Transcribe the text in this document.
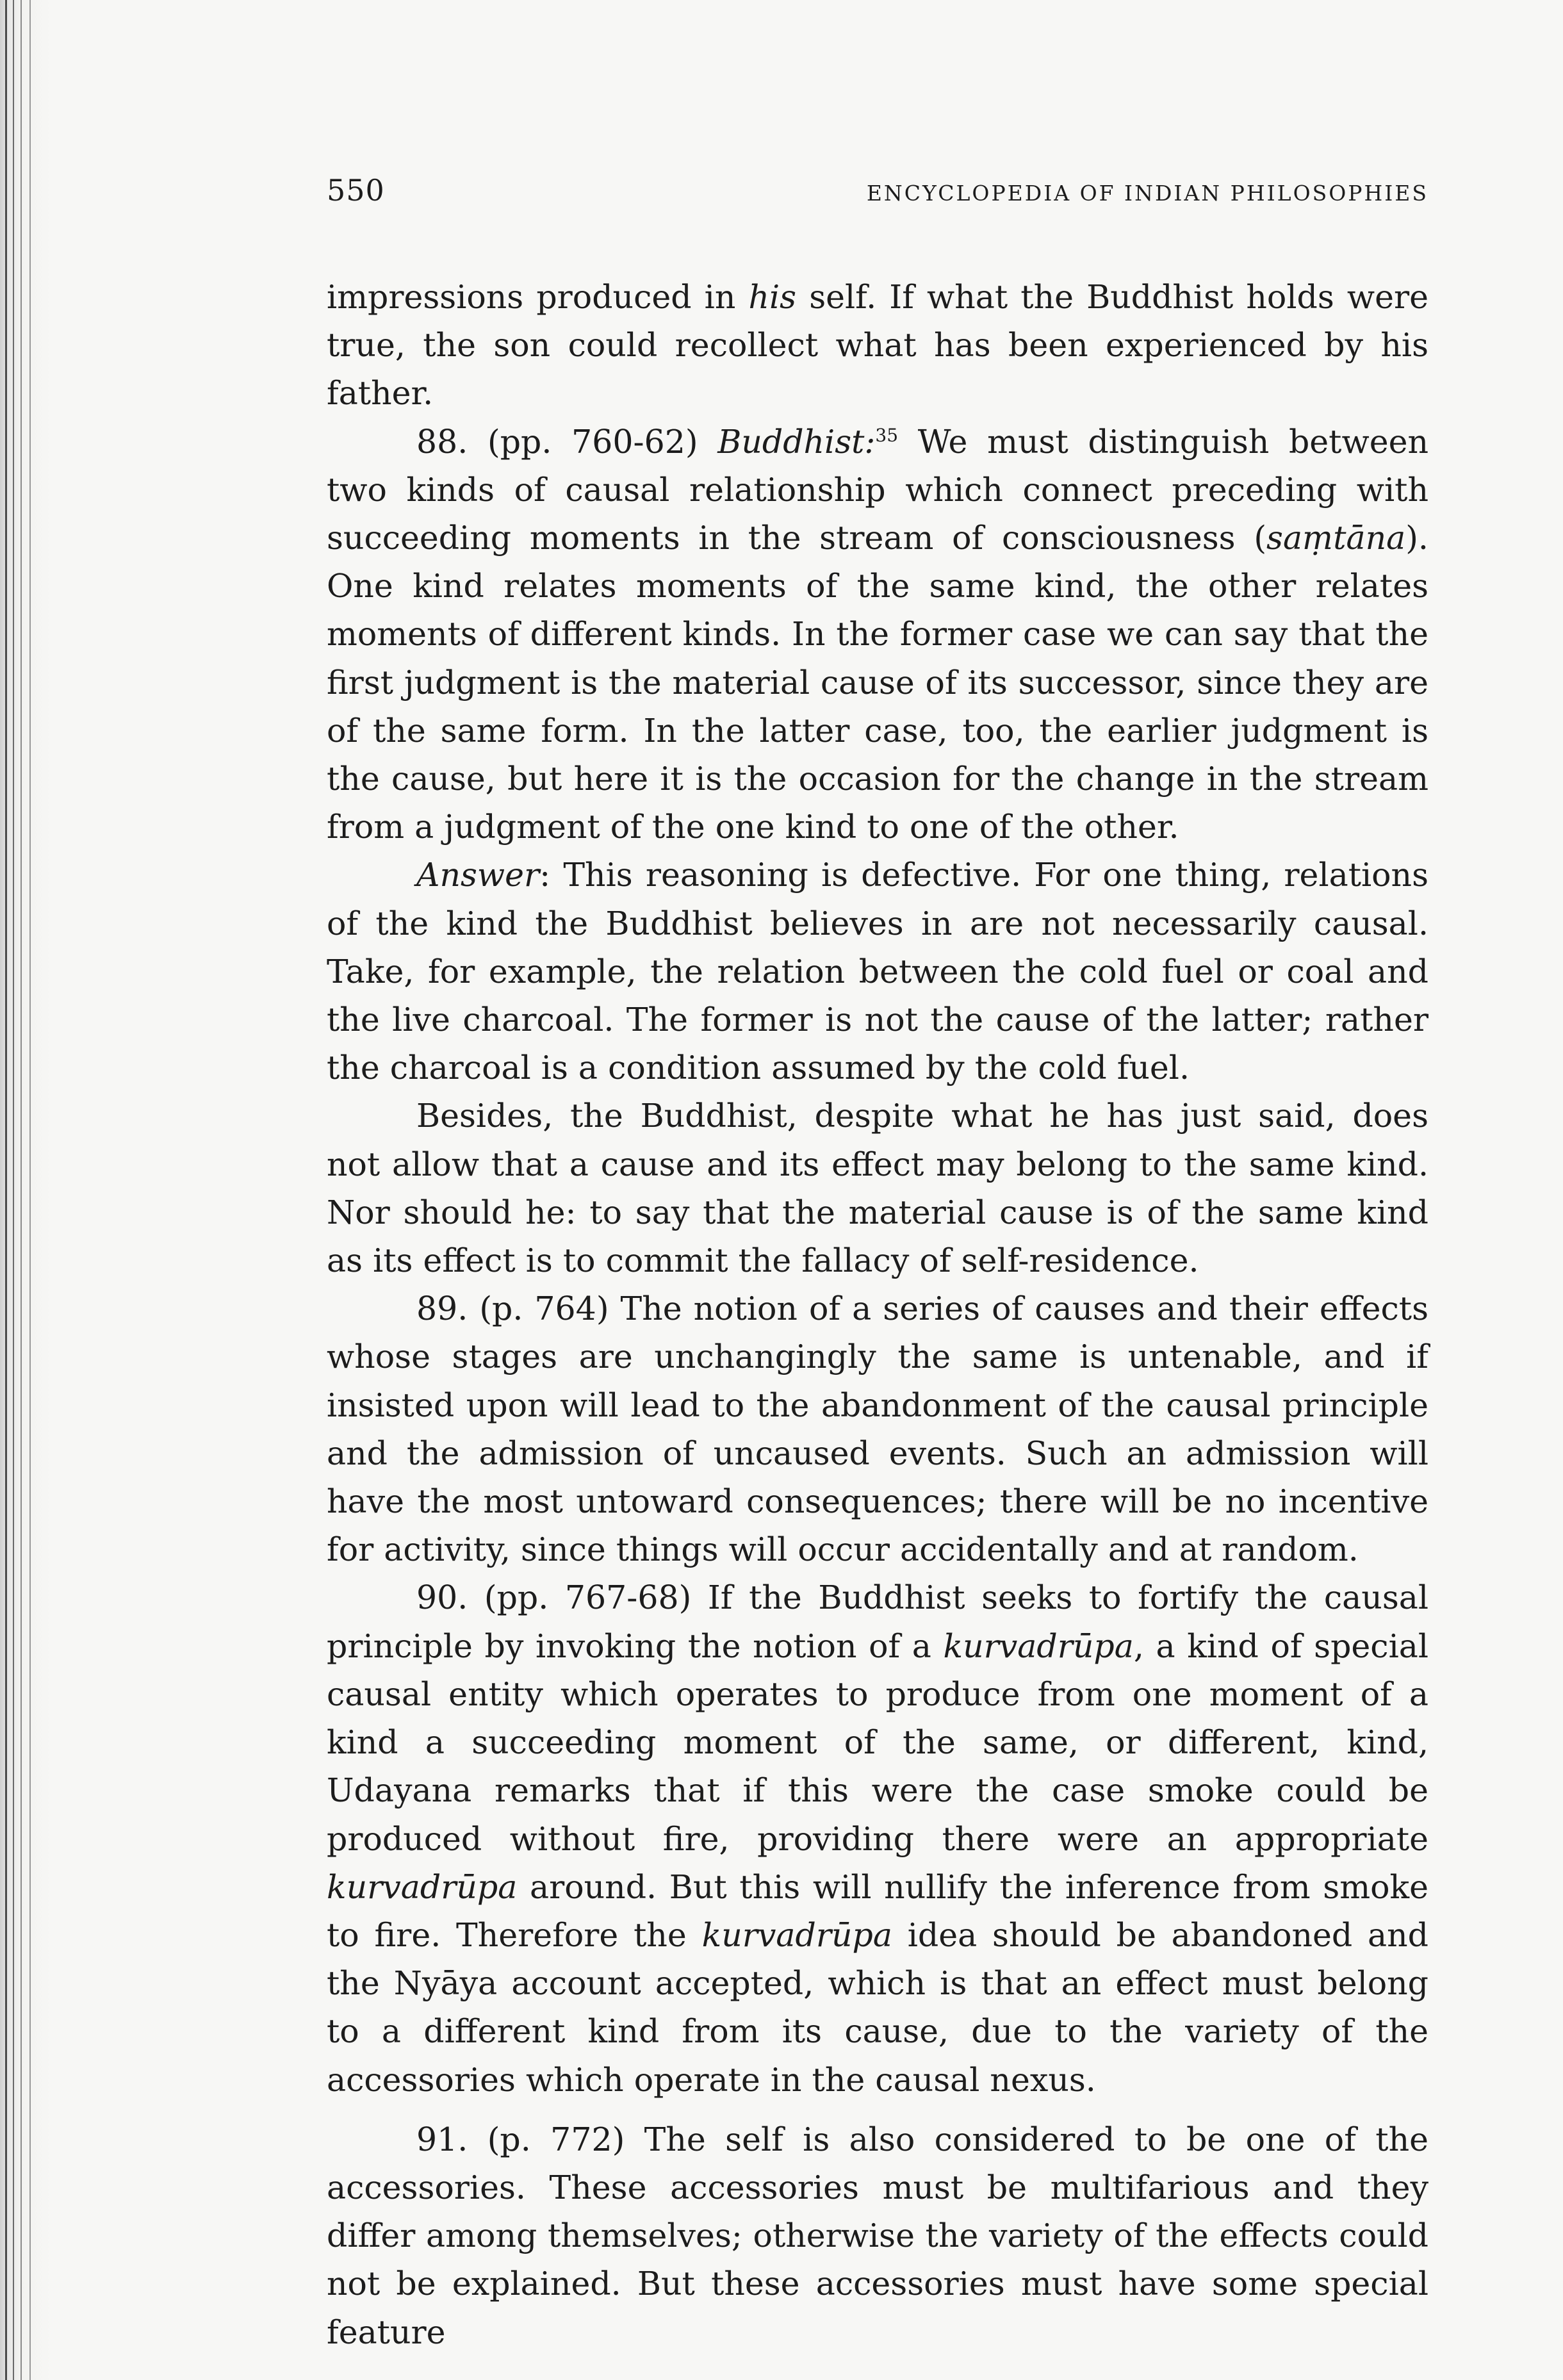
550	ENCYCLOPEDIA OF INDIAN PHILOSOPHIES

impressions produced in his self. If what the Buddhist holds were true, the son could recollect what has been experienced by his father.

88. (pp. 760-62) Buddhist:$^{35}$ We must distinguish between two kinds of causal relationship which connect preceding with succeeding moments in the stream of consciousness (saṃtāna). One kind relates moments of the same kind, the other relates moments of different kinds. In the former case we can say that the first judgment is the material cause of its successor, since they are of the same form. In the latter case, too, the earlier judgment is the cause, but here it is the occasion for the change in the stream from a judgment of the one kind to one of the other.

Answer: This reasoning is defective. For one thing, relations of the kind the Buddhist believes in are not necessarily causal. Take, for example, the relation between the cold fuel or coal and the live charcoal. The former is not the cause of the latter; rather the charcoal is a condition assumed by the cold fuel.

Besides, the Buddhist, despite what he has just said, does not allow that a cause and its effect may belong to the same kind. Nor should he: to say that the material cause is of the same kind as its effect is to commit the fallacy of self-residence.

89. (p. 764) The notion of a series of causes and their effects whose stages are unchangingly the same is untenable, and if insisted upon will lead to the abandonment of the causal principle and the admission of uncaused events. Such an admission will have the most untoward consequences; there will be no incentive for activity, since things will occur accidentally and at random.

90. (pp. 767-68) If the Buddhist seeks to fortify the causal principle by invoking the notion of a kurvadrūpa, a kind of special causal entity which operates to produce from one moment of a kind a succeeding moment of the same, or different, kind, Udayana remarks that if this were the case smoke could be produced without fire, providing there were an appropriate kurvadrūpa around. But this will nullify the inference from smoke to fire. Therefore the kurvadrūpa idea should be abandoned and the Nyāya account accepted, which is that an effect must belong to a different kind from its cause, due to the variety of the accessories which operate in the causal nexus.

91. (p. 772) The self is also considered to be one of the accessories. These accessories must be multifarious and they differ among themselves; otherwise the variety of the effects could not be explained. But these accessories must have some special feature
